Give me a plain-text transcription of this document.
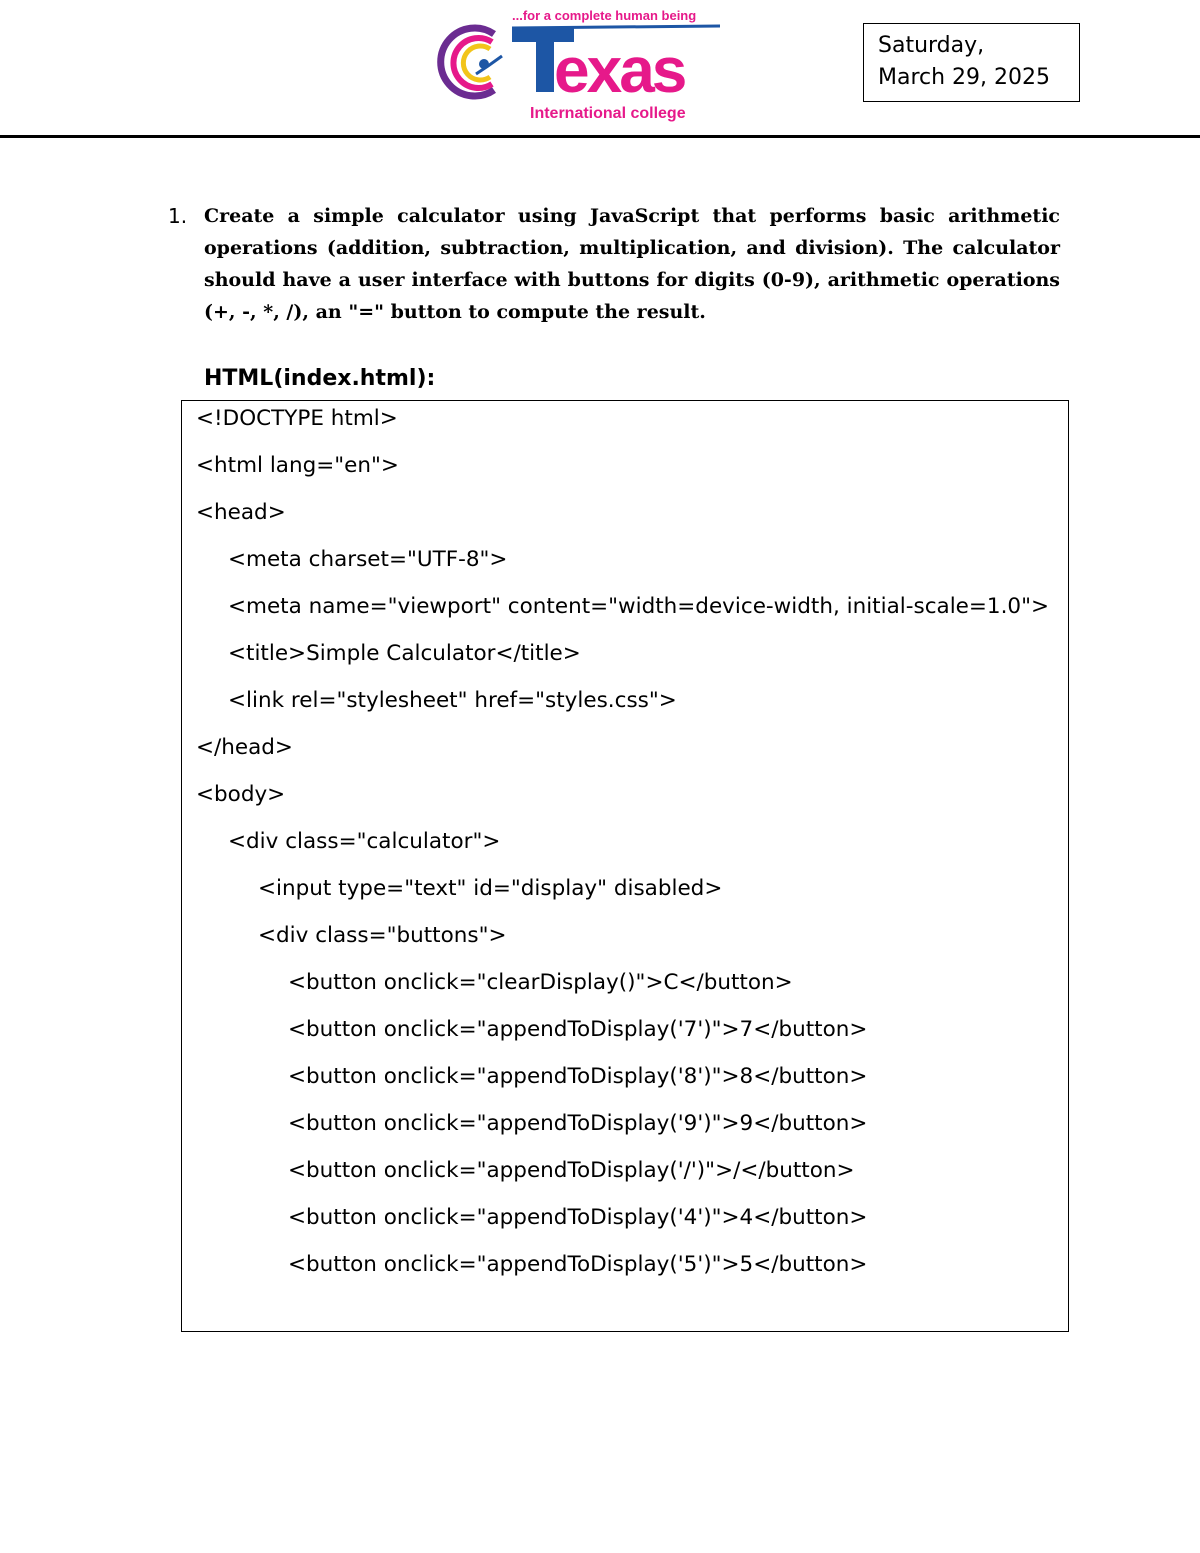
...for a complete human being
exas
International college
Saturday,
March 29, 2025
1. Create a simple calculator using JavaScript that performs basic arithmetic operations (addition, subtraction, multiplication, and division). The calculator should have a user interface with buttons for digits (0-9), arithmetic operations (+, -, *, /), an "=" button to compute the result.
HTML(index.html):

<!DOCTYPE html>

<html lang="en">

<head>

<meta charset="UTF-8">

<meta name="viewport" content="width=device-width, initial-scale=1.0">

<title>Simple Calculator</title>

<link rel="stylesheet" href="styles.css">

</head>

<body>

<div class="calculator">

<input type="text" id="display" disabled>

<div class="buttons">

<button onclick="clearDisplay()">C</button>

<button onclick="appendToDisplay('7')">7</button>

<button onclick="appendToDisplay('8')">8</button>

<button onclick="appendToDisplay('9')">9</button>

<button onclick="appendToDisplay('/')">/</button>

<button onclick="appendToDisplay('4')">4</button>

<button onclick="appendToDisplay('5')">5</button>
